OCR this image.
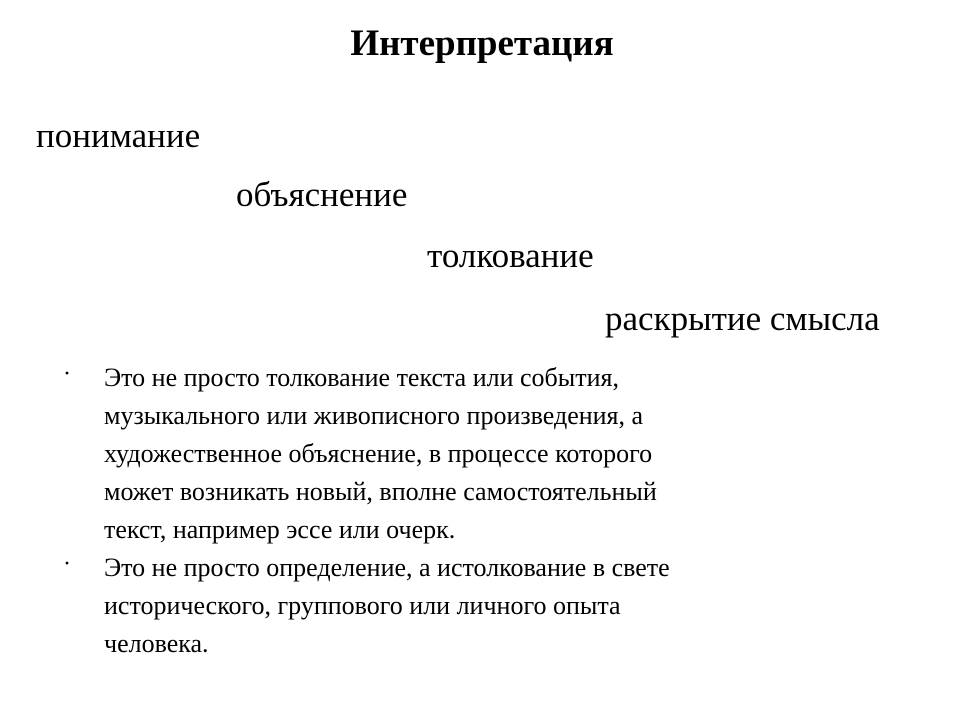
Интерпретация
понимание
объяснение
толкование
раскрытие смысла
· Это не просто толкование текста или события,
музыкального или живописного произведения, а
художественное объяснение, в процессе которого
может возникать новый, вполне самостоятельный
текст, например эссе или очерк.
· Это не просто определение, а истолкование в свете
исторического, группового или личного опыта
человека.
